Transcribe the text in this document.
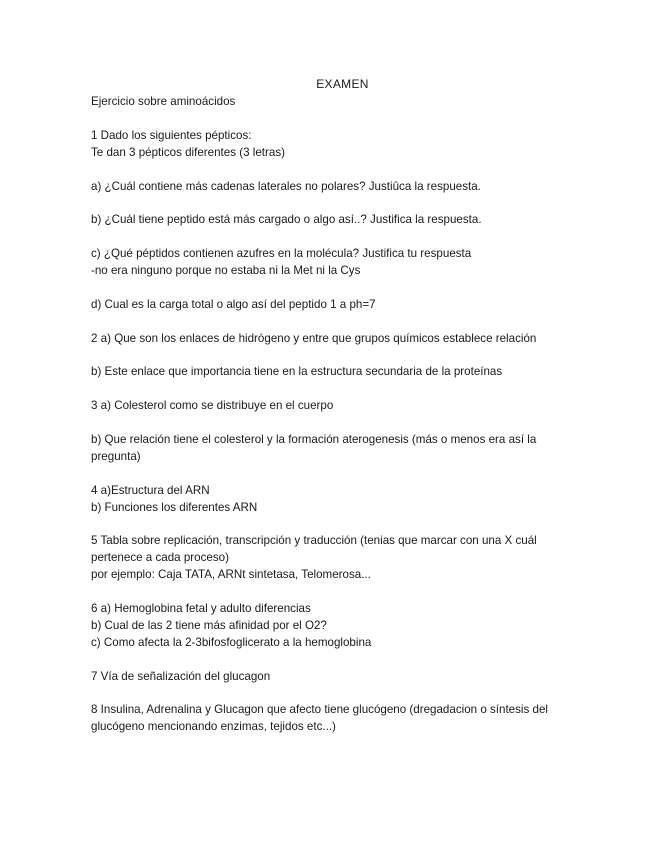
EXAMEN
Ejercicio sobre aminoácidos
1 Dado los siguientes pépticos:
Te dan 3 pépticos diferentes (3 letras)
a) ¿Cuál contiene más cadenas laterales no polares? Justiûca la respuesta.
b) ¿Cuál tiene peptido está más cargado o algo así..? Justifica la respuesta.
c) ¿Qué péptidos contienen azufres en la molécula? Justifica tu respuesta
-no era ninguno porque no estaba ni la Met ni la Cys
d) Cual es la carga total o algo así del peptido 1 a ph=7
2 a) Que son los enlaces de hidrógeno y entre que grupos químicos establece relación
b) Este enlace que importancia tiene en la estructura secundaria de la proteínas
3 a) Colesterol como se distribuye en el cuerpo
b) Que relación tiene el colesterol y la formación aterogenesis (más o menos era así la pregunta)
4 a)Estructura del ARN
b) Funciones los diferentes ARN
5 Tabla sobre replicación, transcripción y traducción (tenias que marcar con una X cuál pertenece a cada proceso)
por ejemplo: Caja TATA, ARNt sintetasa, Telomerosa...
6 a) Hemoglobina fetal y adulto diferencias
b) Cual de las 2 tiene más afinidad por el O2?
c) Como afecta la 2-3bifosfoglicerato a la hemoglobina
7 Vía de señalización del glucagon
8 Insulina, Adrenalina y Glucagon que afecto tiene glucógeno (dregadacion o síntesis del glucógeno mencionando enzimas, tejidos etc...)
